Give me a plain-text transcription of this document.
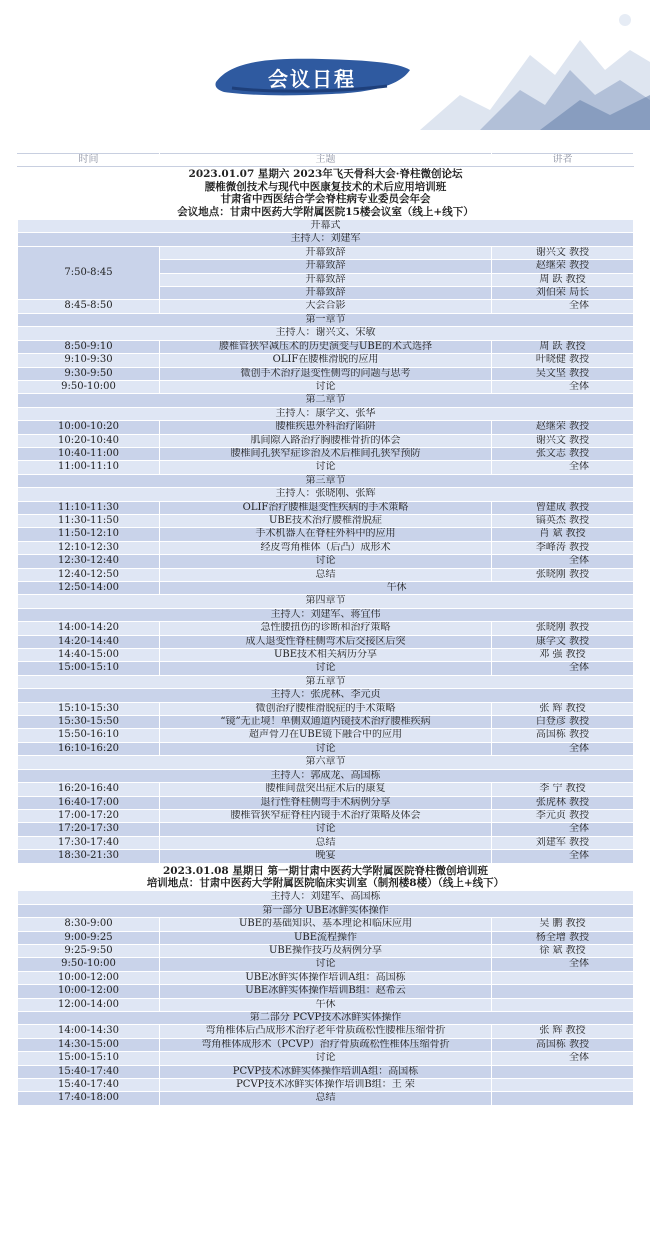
会议日程
时间	主题	讲者

2023.01.07 星期六 2023年飞天骨科大会·脊柱微创论坛
腰椎微创技术与现代中医康复技术的术后应用培训班
甘肃省中西医结合学会脊柱病专业委员会年会
会议地点：甘肃中医药大学附属医院15楼会议室（线上+线下）		

开幕式		
主持人：刘建军		
7:50-8:45	开幕致辞	谢兴文 教授
	开幕致辞	赵继荣 教授
	开幕致辞	周 跃 教授
	开幕致辞	刘伯荣 局长
8:45-8:50	大会合影	全体
第一章节		
主持人：谢兴文、宋敏		
8:50-9:10	腰椎管狭窄减压术的历史演变与UBE的术式选择	周 跃 教授
9:10-9:30	OLIF在腰椎滑脱的应用	叶晓健 教授
9:30-9:50	微创手术治疗退变性侧弯的问题与思考	吴文坚 教授
9:50-10:00	讨论	全体
第二章节		
主持人：康学文、张华		
10:00-10:20	腰椎疾患外科治疗陷阱	赵继荣 教授
10:20-10:40	肌间隙入路治疗胸腰椎骨折的体会	谢兴文 教授
10:40-11:00	腰椎间孔狭窄症诊治及术后椎间孔狭窄预防	张文志 教授
11:00-11:10	讨论	全体
第三章节		
主持人：张晓刚、张辉		
11:10-11:30	OLIF治疗腰椎退变性疾病的手术策略	曾建成 教授
11:30-11:50	UBE技术治疗腰椎滑脱症	镐英杰 教授
11:50-12:10	手术机器人在脊柱外科中的应用	肖 斌 教授
12:10-12:30	经皮弯角椎体（后凸）成形术	李峰涛 教授
12:30-12:40	讨论	全体
12:40-12:50	总结	张晓刚 教授
12:50-14:00	午休	
第四章节		
主持人：刘建军、蒋宜伟		
14:00-14:20	急性腰扭伤的诊断和治疗策略	张晓刚 教授
14:20-14:40	成人退变性脊柱侧弯术后交接区后突	康学文 教授
14:40-15:00	UBE技术相关病历分享	邓 强 教授
15:00-15:10	讨论	全体
第五章节		
主持人：张虎林、李元贞		
15:10-15:30	微创治疗腰椎滑脱症的手术策略	张 辉 教授
15:30-15:50	“镜”无止境！单侧双通道内镜技术治疗腰椎疾病	白登彦 教授
15:50-16:10	超声骨刀在UBE镜下融合中的应用	高国栋 教授
16:10-16:20	讨论	全体
第六章节		
主持人：郭成龙、高国栋		
16:20-16:40	腰椎间盘突出症术后的康复	李 宁 教授
16:40-17:00	退行性脊柱侧弯手术病例分享	张虎林 教授
17:00-17:20	腰椎管狭窄症脊柱内镜手术治疗策略及体会	李元贞 教授
17:20-17:30	讨论	全体
17:30-17:40	总结	刘建军 教授
18:30-21:30	晚宴	全体

2023.01.08 星期日 第一期甘肃中医药大学附属医院脊柱微创培训班
培训地点：甘肃中医药大学附属医院临床实训室（制剂楼8楼）（线上+线下）		

主持人：刘建军、高国栋		
第一部分 UBE冰鲜实体操作		
8:30-9:00	UBE的基础知识、基本理论和临床应用	吴 鹏 教授
9:00-9:25	UBE流程操作	杨全增 教授
9:25-9:50	UBE操作技巧及病例分享	徐 斌 教授
9:50-10:00	讨论	全体
10:00-12:00	UBE冰鲜实体操作培训A组：高国栋	
10:00-12:00	UBE冰鲜实体操作培训B组：赵希云	
12:00-14:00	午休	
第二部分 PCVP技术冰鲜实体操作		
14:00-14:30	弯角椎体后凸成形术治疗老年骨质疏松性腰椎压缩骨折	张 辉 教授
14:30-15:00	弯角椎体成形术（PCVP）治疗骨质疏松性椎体压缩骨折	高国栋 教授
15:00-15:10	讨论	全体
15:40-17:40	PCVP技术冰鲜实体操作培训A组：高国栋	
15:40-17:40	PCVP技术冰鲜实体操作培训B组：王 荣	
17:40-18:00	总结	
